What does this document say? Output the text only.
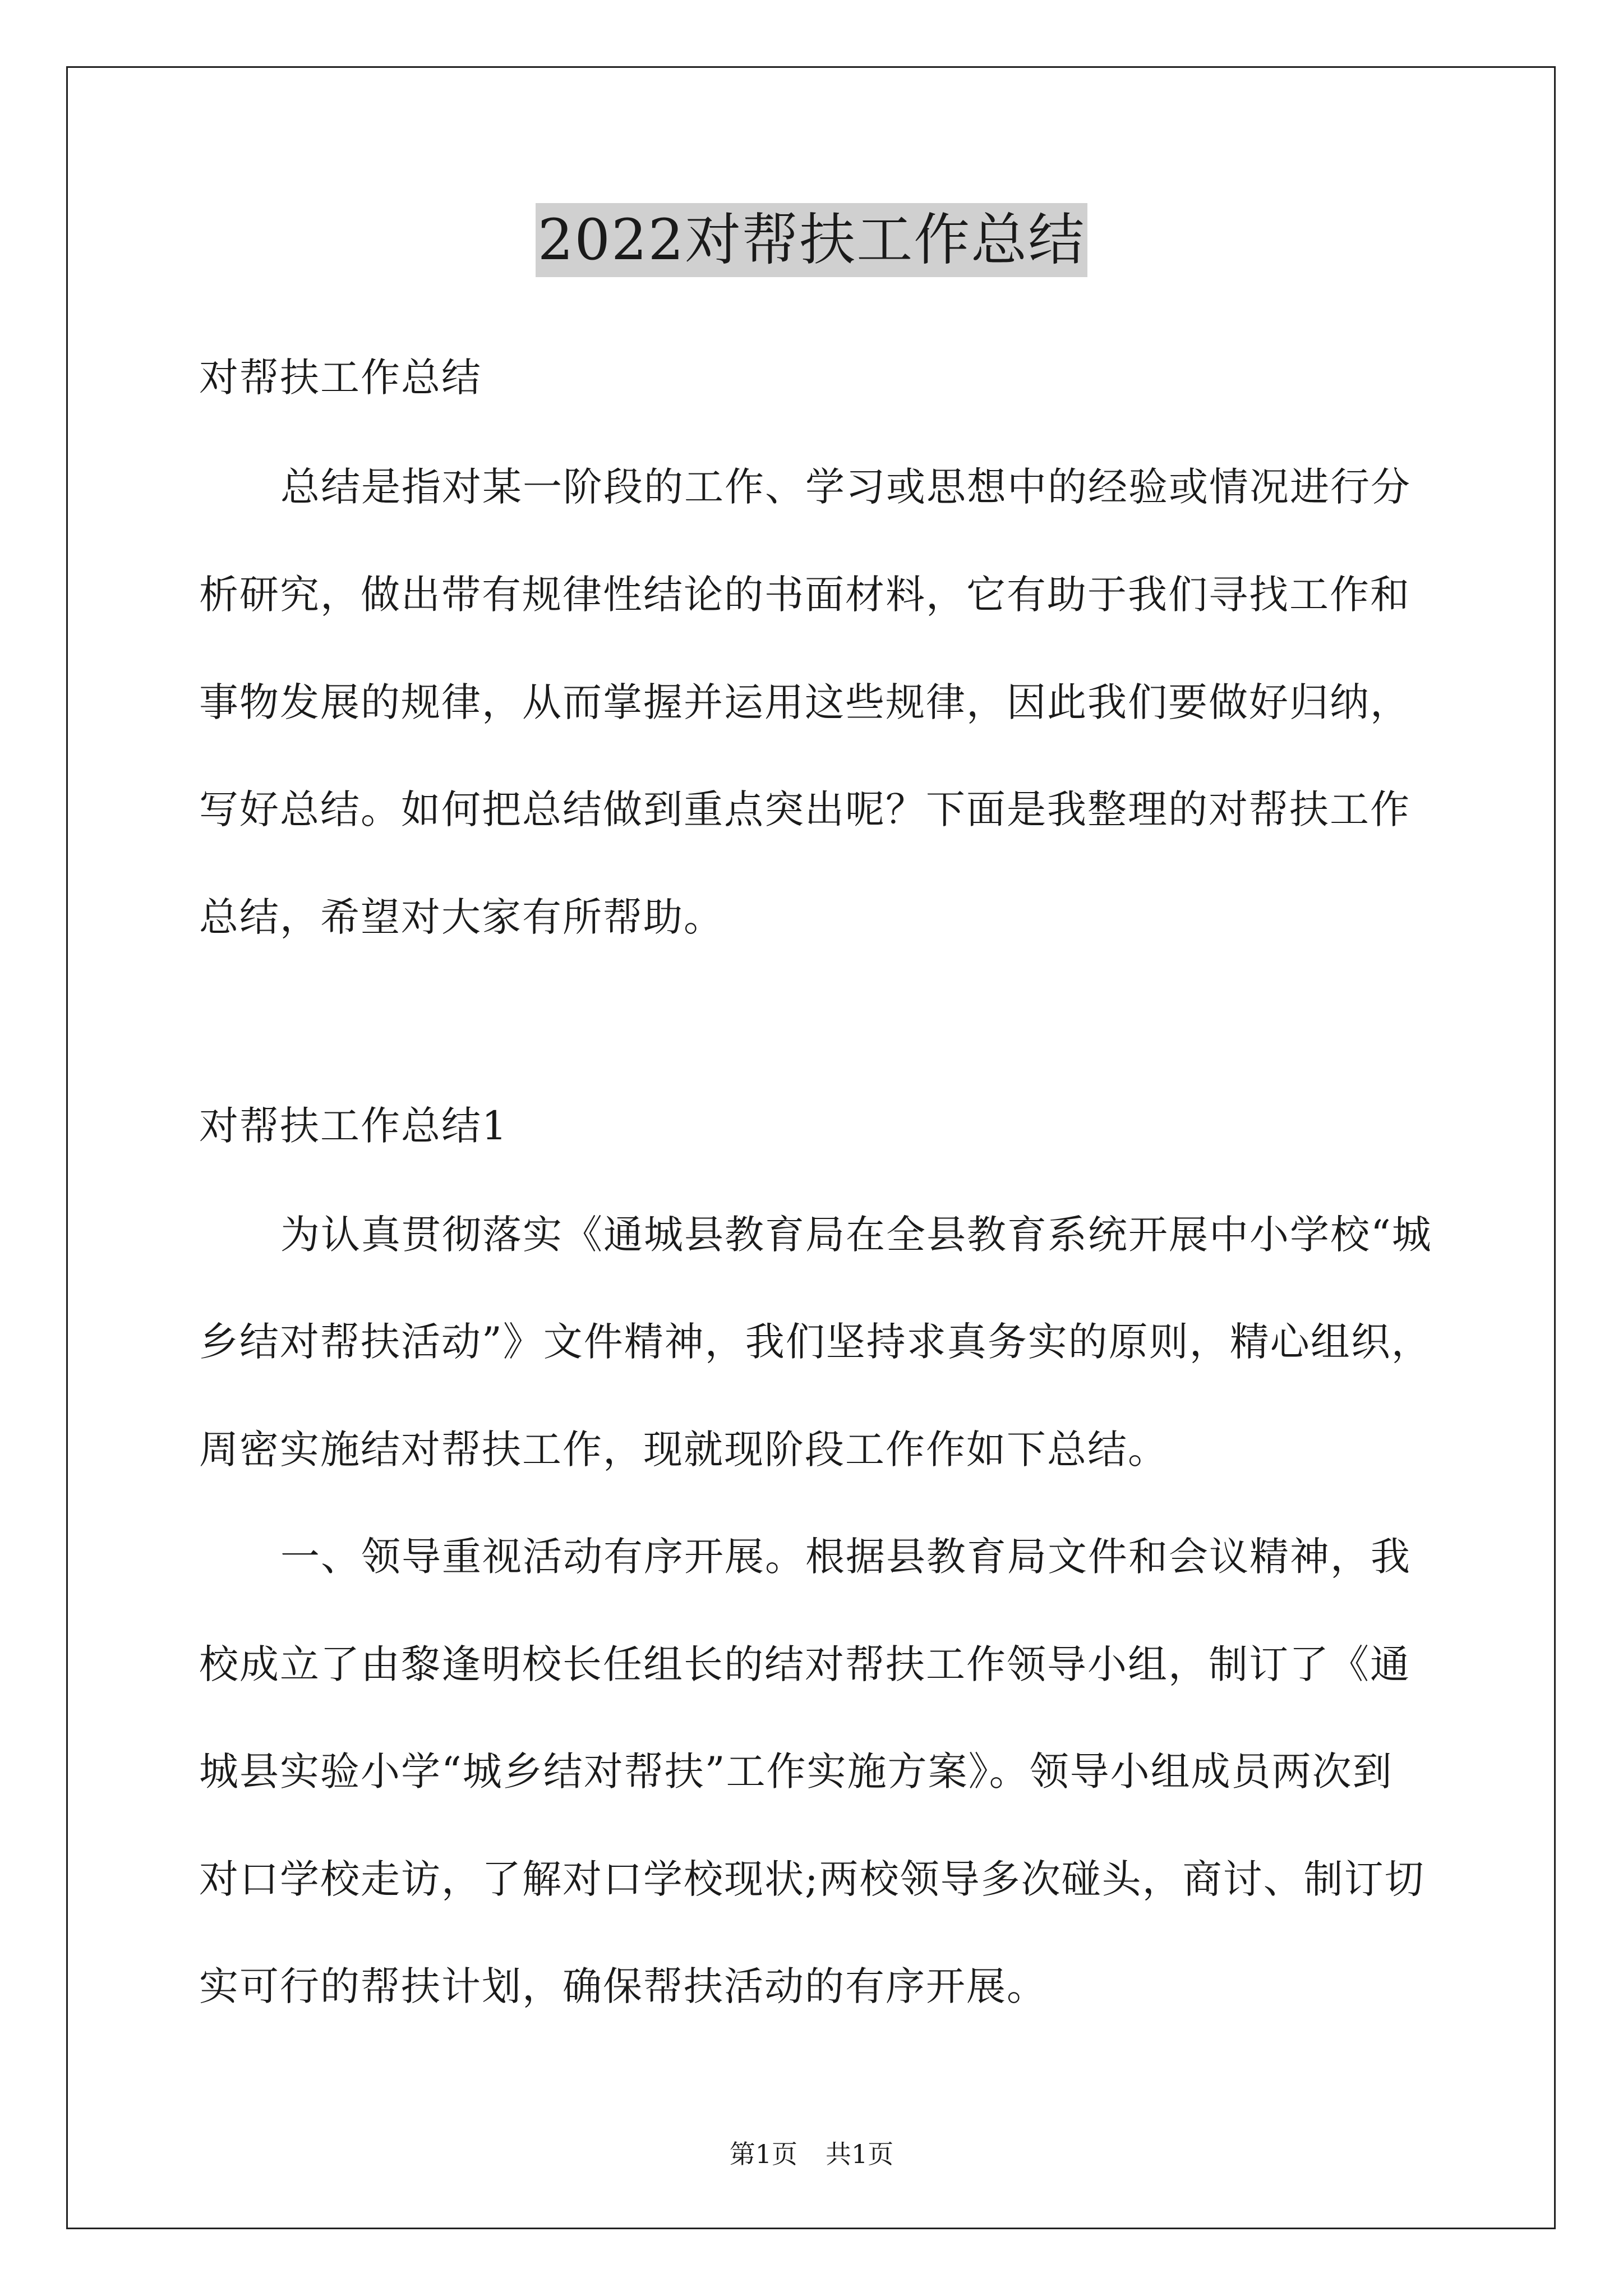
2022对帮扶工作总结
对帮扶工作总结
总结是指对某一阶段的工作、学习或思想中的经验或情况进行分
析研究，做出带有规律性结论的书面材料，它有助于我们寻找工作和
事物发展的规律，从而掌握并运用这些规律，因此我们要做好归纳，
写好总结。如何把总结做到重点突出呢？下面是我整理的对帮扶工作
总结，希望对大家有所帮助。
对帮扶工作总结1
为认真贯彻落实《通城县教育局在全县教育系统开展中小学校“城
乡结对帮扶活动”》文件精神，我们坚持求真务实的原则，精心组织，
周密实施结对帮扶工作，现就现阶段工作作如下总结。
一、领导重视活动有序开展。根据县教育局文件和会议精神，我
校成立了由黎逢明校长任组长的结对帮扶工作领导小组，制订了《通
城县实验小学“城乡结对帮扶”工作实施方案》。领导小组成员两次到
对口学校走访，了解对口学校现状;两校领导多次碰头，商讨、制订切
实可行的帮扶计划，确保帮扶活动的有序开展。
第1页 共1页
